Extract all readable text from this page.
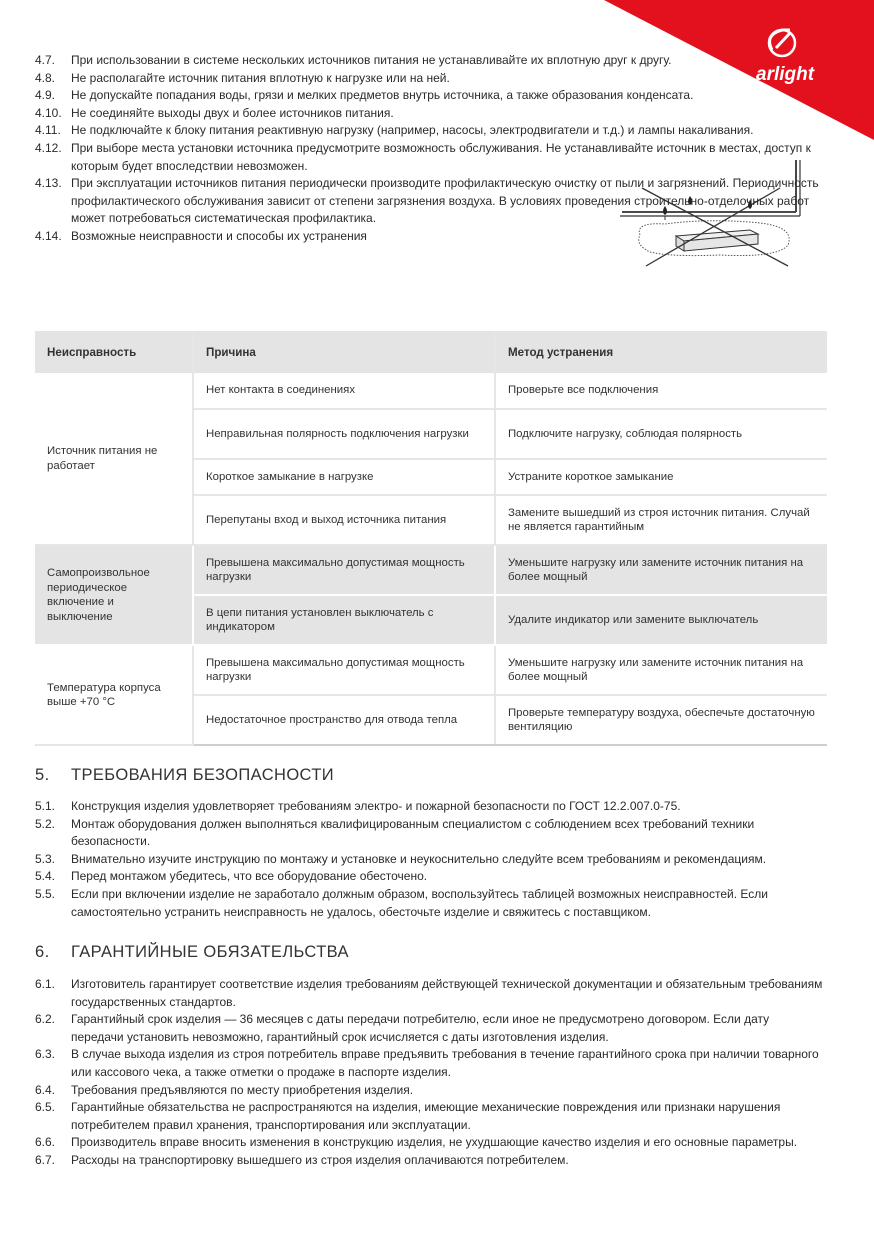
arlight
4.7.	При использовании в системе нескольких источников питания не устанавливайте их вплотную друг к другу.
4.8.	Не располагайте источник питания вплотную к нагрузке или на ней.
4.9.	Не допускайте попадания воды, грязи и мелких предметов внутрь источника, а также образования конденсата.
4.10. Не соединяйте выходы двух и более источников питания.
4.11. Не подключайте к блоку питания реактивную нагрузку (например, насосы, электродвигатели и т.д.) и лампы накаливания.
4.12. При выборе места установки источника предусмотрите возможность обслуживания. Не устанавливайте источник в местах, доступ к которым будет впоследствии невозможен.
4.13. При эксплуатации источников питания периодически производите профилактическую очистку от пыли и загрязнений. Периодичность профилактического обслуживания зависит от степени загрязнения воздуха. В условиях проведения строительно-отделочных работ может потребоваться систематическая профилактика.
4.14. Возможные неисправности и способы их устранения
Неисправность	Причина	Метод устранения
Источник питания не работает	Нет контакта в соединениях	Проверьте все подключения
	Неправильная полярность подключения нагрузки	Подключите нагрузку, соблюдая полярность
	Короткое замыкание в нагрузке	Устраните короткое замыкание
	Перепутаны вход и выход источника питания	Замените вышедший из строя источник питания. Случай не является гарантийным
Самопроизвольное периодическое включение и выключение	Превышена максимально допустимая мощность нагрузки	Уменьшите нагрузку или замените источник питания на более мощный
	В цепи питания установлен выключатель с индикатором	Удалите индикатор или замените выключатель
Температура корпуса выше +70 °C	Превышена максимально допустимая мощность нагрузки	Уменьшите нагрузку или замените источник питания на более мощный
	Недостаточное пространство для отвода тепла	Проверьте температуру воздуха, обеспечьте достаточную вентиляцию
5. ТРЕБОВАНИЯ БЕЗОПАСНОСТИ
5.1.	Конструкция изделия удовлетворяет требованиям электро- и пожарной безопасности по ГОСТ 12.2.007.0-75.
5.2.	Монтаж оборудования должен выполняться квалифицированным специалистом с соблюдением всех требований техники безопасности.
5.3.	Внимательно изучите инструкцию по монтажу и установке и неукоснительно следуйте всем требованиям и рекомендациям.
5.4.	Перед монтажом убедитесь, что все оборудование обесточено.
5.5.	Если при включении изделие не заработало должным образом, воспользуйтесь таблицей возможных неисправностей. Если самостоятельно устранить неисправность не удалось, обесточьте изделие и свяжитесь с поставщиком.
6. ГАРАНТИЙНЫЕ ОБЯЗАТЕЛЬСТВА
6.1.	Изготовитель гарантирует соответствие изделия требованиям действующей технической документации и обязательным требованиям государственных стандартов.
6.2.	Гарантийный срок изделия — 36 месяцев с даты передачи потребителю, если иное не предусмотрено договором. Если дату передачи установить невозможно, гарантийный срок исчисляется с даты изготовления изделия.
6.3.	В случае выхода изделия из строя потребитель вправе предъявить требования в течение гарантийного срока при наличии товарного или кассового чека, а также отметки о продаже в паспорте изделия.
6.4.	Требования предъявляются по месту приобретения изделия.
6.5.	Гарантийные обязательства не распространяются на изделия, имеющие механические повреждения или признаки нарушения потребителем правил хранения, транспортирования или эксплуатации.
6.6.	Производитель вправе вносить изменения в конструкцию изделия, не ухудшающие качество изделия и его основные параметры.
6.7.	Расходы на транспортировку вышедшего из строя изделия оплачиваются потребителем.
